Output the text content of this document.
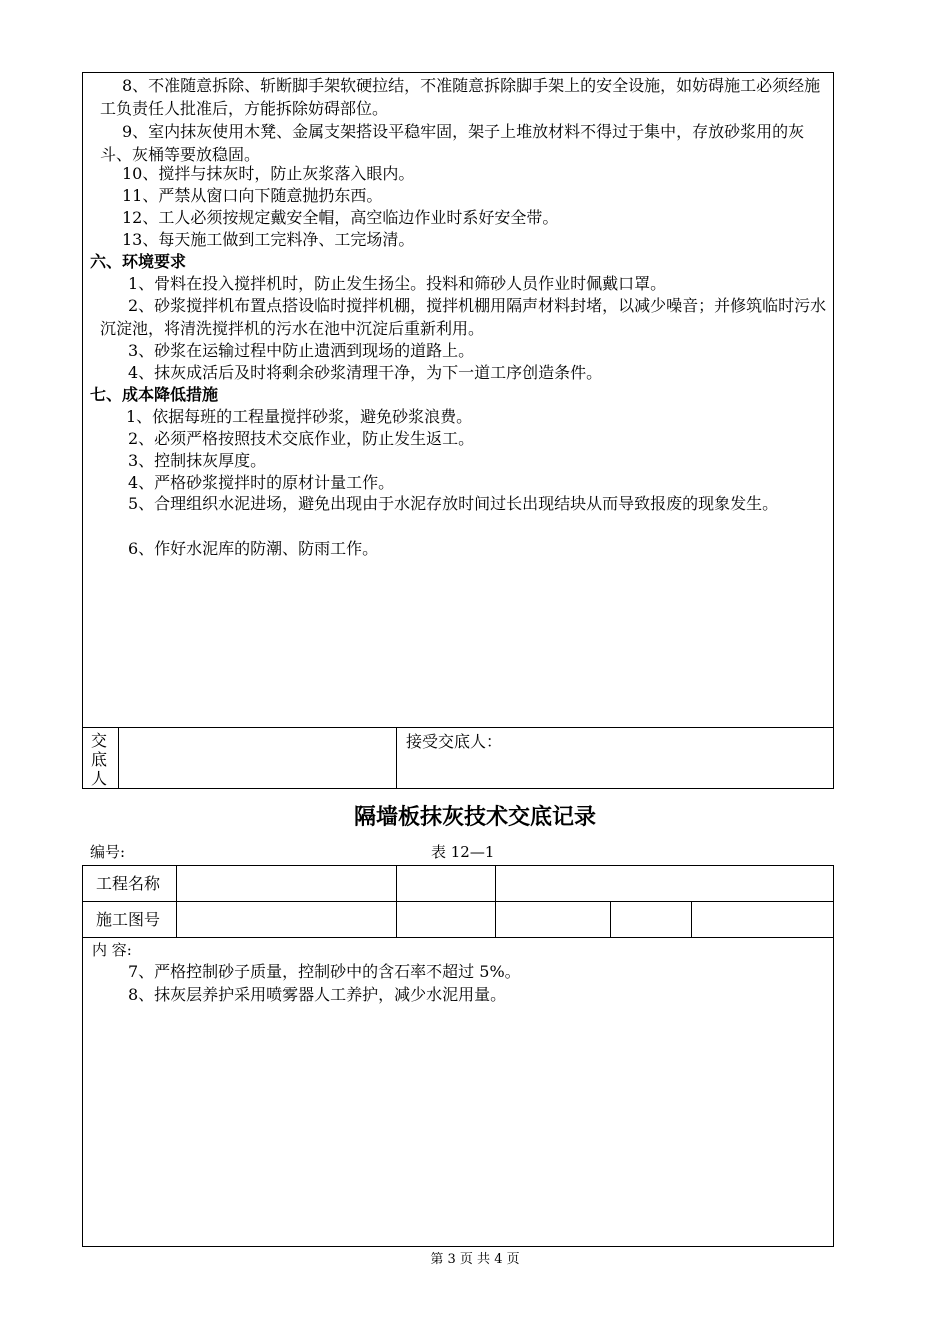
8、不准随意拆除、斩断脚手架软硬拉结，不准随意拆除脚手架上的安全设施，如妨碍施工必须经施工负责任人批准后，方能拆除妨碍部位。
9、室内抹灰使用木凳、金属支架搭设平稳牢固，架子上堆放材料不得过于集中，存放砂浆用的灰斗、灰桶等要放稳固。
10、搅拌与抹灰时，防止灰浆落入眼内。
11、严禁从窗口向下随意抛扔东西。
12、工人必须按规定戴安全帽，高空临边作业时系好安全带。
13、每天施工做到工完料净、工完场清。
六、环境要求
1、骨料在投入搅拌机时，防止发生扬尘。投料和筛砂人员作业时佩戴口罩。
2、砂浆搅拌机布置点搭设临时搅拌机棚，搅拌机棚用隔声材料封堵，以减少噪音；并修筑临时污水沉淀池，将清洗搅拌机的污水在池中沉淀后重新利用。
3、砂浆在运输过程中防止遗洒到现场的道路上。
4、抹灰成活后及时将剩余砂浆清理干净，为下一道工序创造条件。
七、成本降低措施
1、依据每班的工程量搅拌砂浆，避免砂浆浪费。
2、必须严格按照技术交底作业，防止发生返工。
3、控制抹灰厚度。
4、严格砂浆搅拌时的原材计量工作。
5、合理组织水泥进场，避免出现由于水泥存放时间过长出现结块从而导致报废的现象发生。
6、作好水泥库的防潮、防雨工作。
交底人
接受交底人：
隔墙板抹灰技术交底记录
编号:	表 12—1
工程名称
施工图号
内 容:
7、严格控制砂子质量，控制砂中的含石率不超过 5%。
8、抹灰层养护采用喷雾器人工养护，减少水泥用量。
第 3 页 共 4 页
